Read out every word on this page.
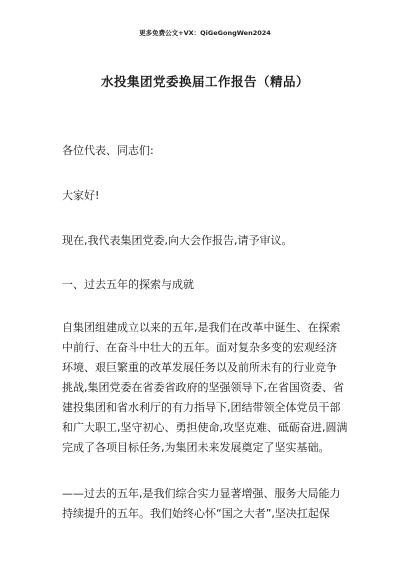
更多免费公文+VX：QiGeGongWen2024
水投集团党委换届工作报告（精品）
各位代表、同志们:
大家好!
现在,我代表集团党委,向大会作报告,请予审议。
一、过去五年的探索与成就
自集团组建成立以来的五年,是我们在改革中诞生、在探索
中前行、在奋斗中壮大的五年。面对复杂多变的宏观经济
环境、艰巨繁重的改革发展任务以及前所未有的行业竞争
挑战,集团党委在省委省政府的坚强领导下,在省国资委、省
建投集团和省水利厅的有力指导下,团结带领全体党员干部
和广大职工,坚守初心、勇担使命,攻坚克难、砥砺奋进,圆满
完成了各项目标任务,为集团未来发展奠定了坚实基础。
——过去的五年,是我们综合实力显著增强、服务大局能力
持续提升的五年。我们始终心怀“国之大者”,坚决扛起保
